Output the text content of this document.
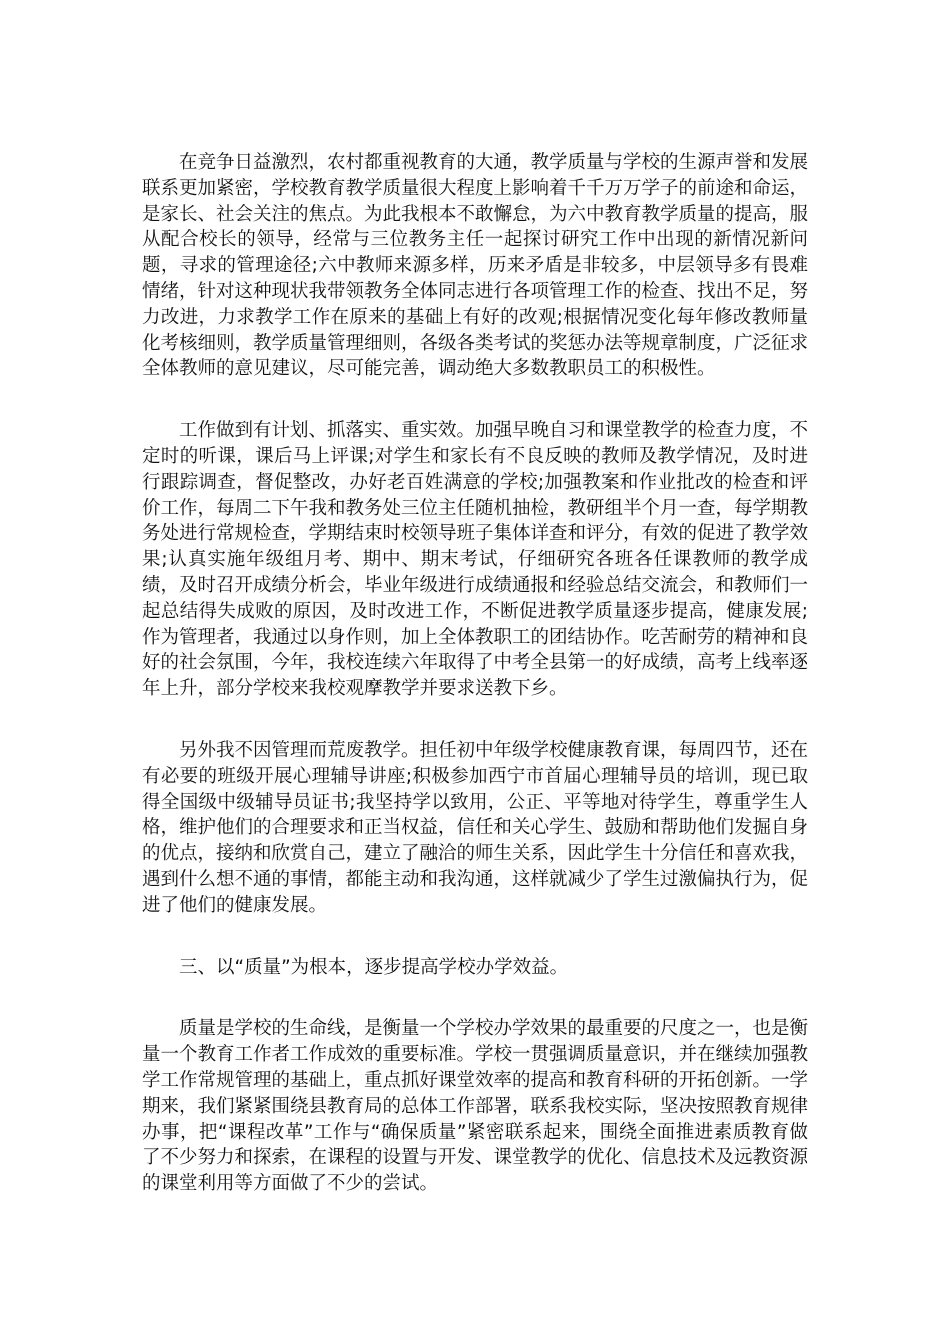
在竞争日益激烈，农村都重视教育的大通，教学质量与学校的生源声誉和发展联系更加紧密，学校教育教学质量很大程度上影响着千千万万学子的前途和命运，是家长、社会关注的焦点。为此我根本不敢懈怠，为六中教育教学质量的提高，服从配合校长的领导，经常与三位教务主任一起探讨研究工作中出现的新情况新问题，寻求的管理途径;六中教师来源多样，历来矛盾是非较多，中层领导多有畏难情绪，针对这种现状我带领教务全体同志进行各项管理工作的检查、找出不足，努力改进，力求教学工作在原来的基础上有好的改观;根据情况变化每年修改教师量化考核细则，教学质量管理细则，各级各类考试的奖惩办法等规章制度，广泛征求全体教师的意见建议，尽可能完善，调动绝大多数教职员工的积极性。

工作做到有计划、抓落实、重实效。加强早晚自习和课堂教学的检查力度，不定时的听课，课后马上评课;对学生和家长有不良反映的教师及教学情况，及时进行跟踪调查，督促整改，办好老百姓满意的学校;加强教案和作业批改的检查和评价工作，每周二下午我和教务处三位主任随机抽检，教研组半个月一查，每学期教务处进行常规检查，学期结束时校领导班子集体详查和评分，有效的促进了教学效果;认真实施年级组月考、期中、期末考试，仔细研究各班各任课教师的教学成绩，及时召开成绩分析会，毕业年级进行成绩通报和经验总结交流会，和教师们一起总结得失成败的原因，及时改进工作，不断促进教学质量逐步提高，健康发展;作为管理者，我通过以身作则，加上全体教职工的团结协作。吃苦耐劳的精神和良好的社会氛围，今年，我校连续六年取得了中考全县第一的好成绩，高考上线率逐年上升，部分学校来我校观摩教学并要求送教下乡。

另外我不因管理而荒废教学。担任初中年级学校健康教育课，每周四节，还在有必要的班级开展心理辅导讲座;积极参加西宁市首届心理辅导员的培训，现已取得全国级中级辅导员证书;我坚持学以致用，公正、平等地对待学生，尊重学生人格，维护他们的合理要求和正当权益，信任和关心学生、鼓励和帮助他们发掘自身的优点，接纳和欣赏自己，建立了融洽的师生关系，因此学生十分信任和喜欢我，遇到什么想不通的事情，都能主动和我沟通，这样就减少了学生过激偏执行为，促进了他们的健康发展。

三、以“质量”为根本，逐步提高学校办学效益。

质量是学校的生命线，是衡量一个学校办学效果的最重要的尺度之一，也是衡量一个教育工作者工作成效的重要标准。学校一贯强调质量意识，并在继续加强教学工作常规管理的基础上，重点抓好课堂效率的提高和教育科研的开拓创新。一学期来，我们紧紧围绕县教育局的总体工作部署，联系我校实际，坚决按照教育规律办事，把“课程改革”工作与“确保质量”紧密联系起来，围绕全面推进素质教育做了不少努力和探索，在课程的设置与开发、课堂教学的优化、信息技术及远教资源的课堂利用等方面做了不少的尝试。
